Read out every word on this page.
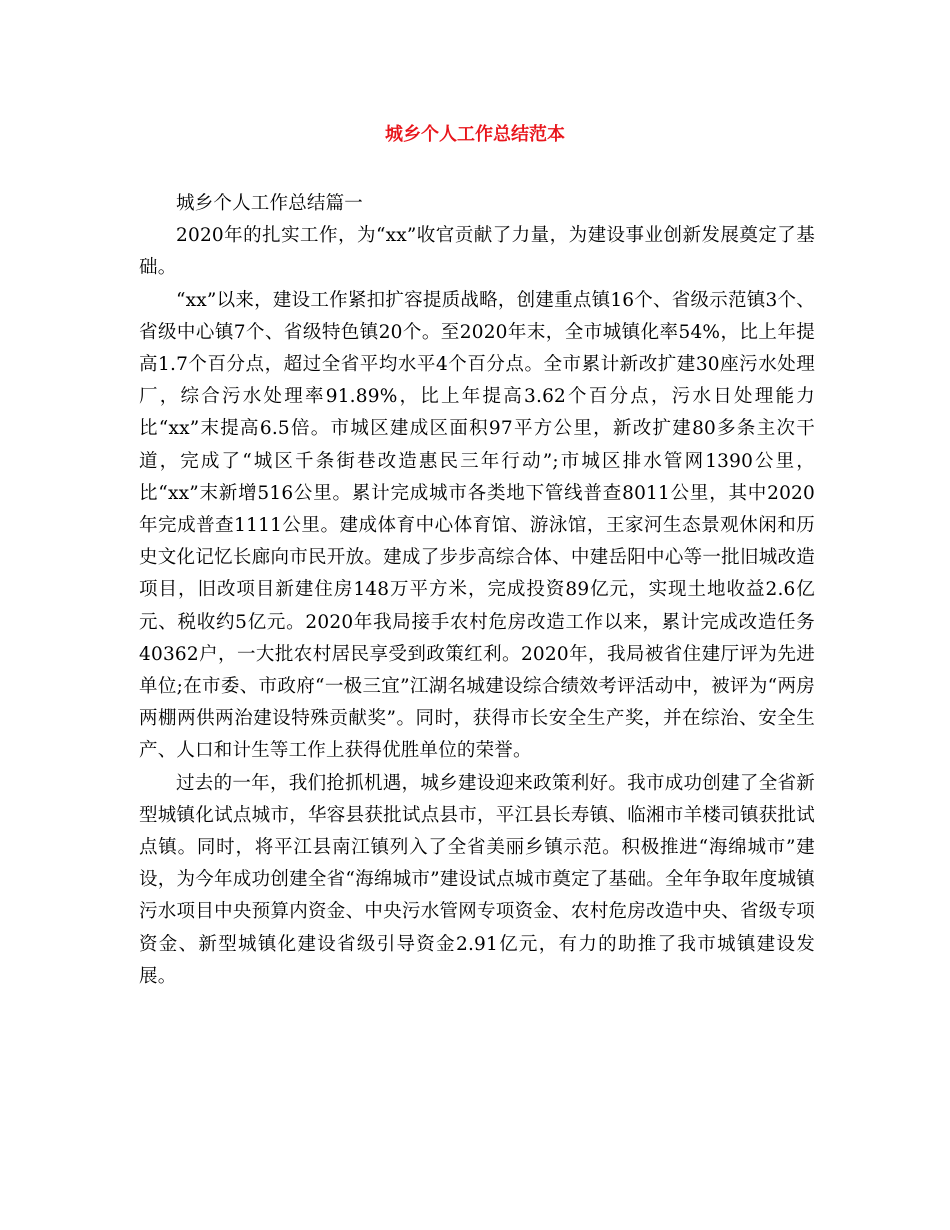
城乡个人工作总结范本

城乡个人工作总结篇一

2020年的扎实工作，为“xx”收官贡献了力量，为建设事业创新发展奠定了基础。

“xx”以来，建设工作紧扣扩容提质战略，创建重点镇16个、省级示范镇3个、省级中心镇7个、省级特色镇20个。至2020年末，全市城镇化率54%，比上年提高1.7个百分点，超过全省平均水平4个百分点。全市累计新改扩建30座污水处理厂，综合污水处理率91.89%，比上年提高3.62个百分点，污水日处理能力比“xx”末提高6.5倍。市城区建成区面积97平方公里，新改扩建80多条主次干道，完成了“城区千条街巷改造惠民三年行动”;市城区排水管网1390公里，比“xx”末新增516公里。累计完成城市各类地下管线普查8011公里，其中2020年完成普查1111公里。建成体育中心体育馆、游泳馆，王家河生态景观休闲和历史文化记忆长廊向市民开放。建成了步步高综合体、中建岳阳中心等一批旧城改造项目，旧改项目新建住房148万平方米，完成投资89亿元，实现土地收益2.6亿元、税收约5亿元。2020年我局接手农村危房改造工作以来，累计完成改造任务40362户，一大批农村居民享受到政策红利。2020年，我局被省住建厅评为先进单位;在市委、市政府“一极三宜”江湖名城建设综合绩效考评活动中，被评为“两房两棚两供两治建设特殊贡献奖”。同时，获得市长安全生产奖，并在综治、安全生产、人口和计生等工作上获得优胜单位的荣誉。

过去的一年，我们抢抓机遇，城乡建设迎来政策利好。我市成功创建了全省新型城镇化试点城市，华容县获批试点县市，平江县长寿镇、临湘市羊楼司镇获批试点镇。同时，将平江县南江镇列入了全省美丽乡镇示范。积极推进“海绵城市”建设，为今年成功创建全省“海绵城市”建设试点城市奠定了基础。全年争取年度城镇污水项目中央预算内资金、中央污水管网专项资金、农村危房改造中央、省级专项资金、新型城镇化建设省级引导资金2.91亿元，有力的助推了我市城镇建设发展。
